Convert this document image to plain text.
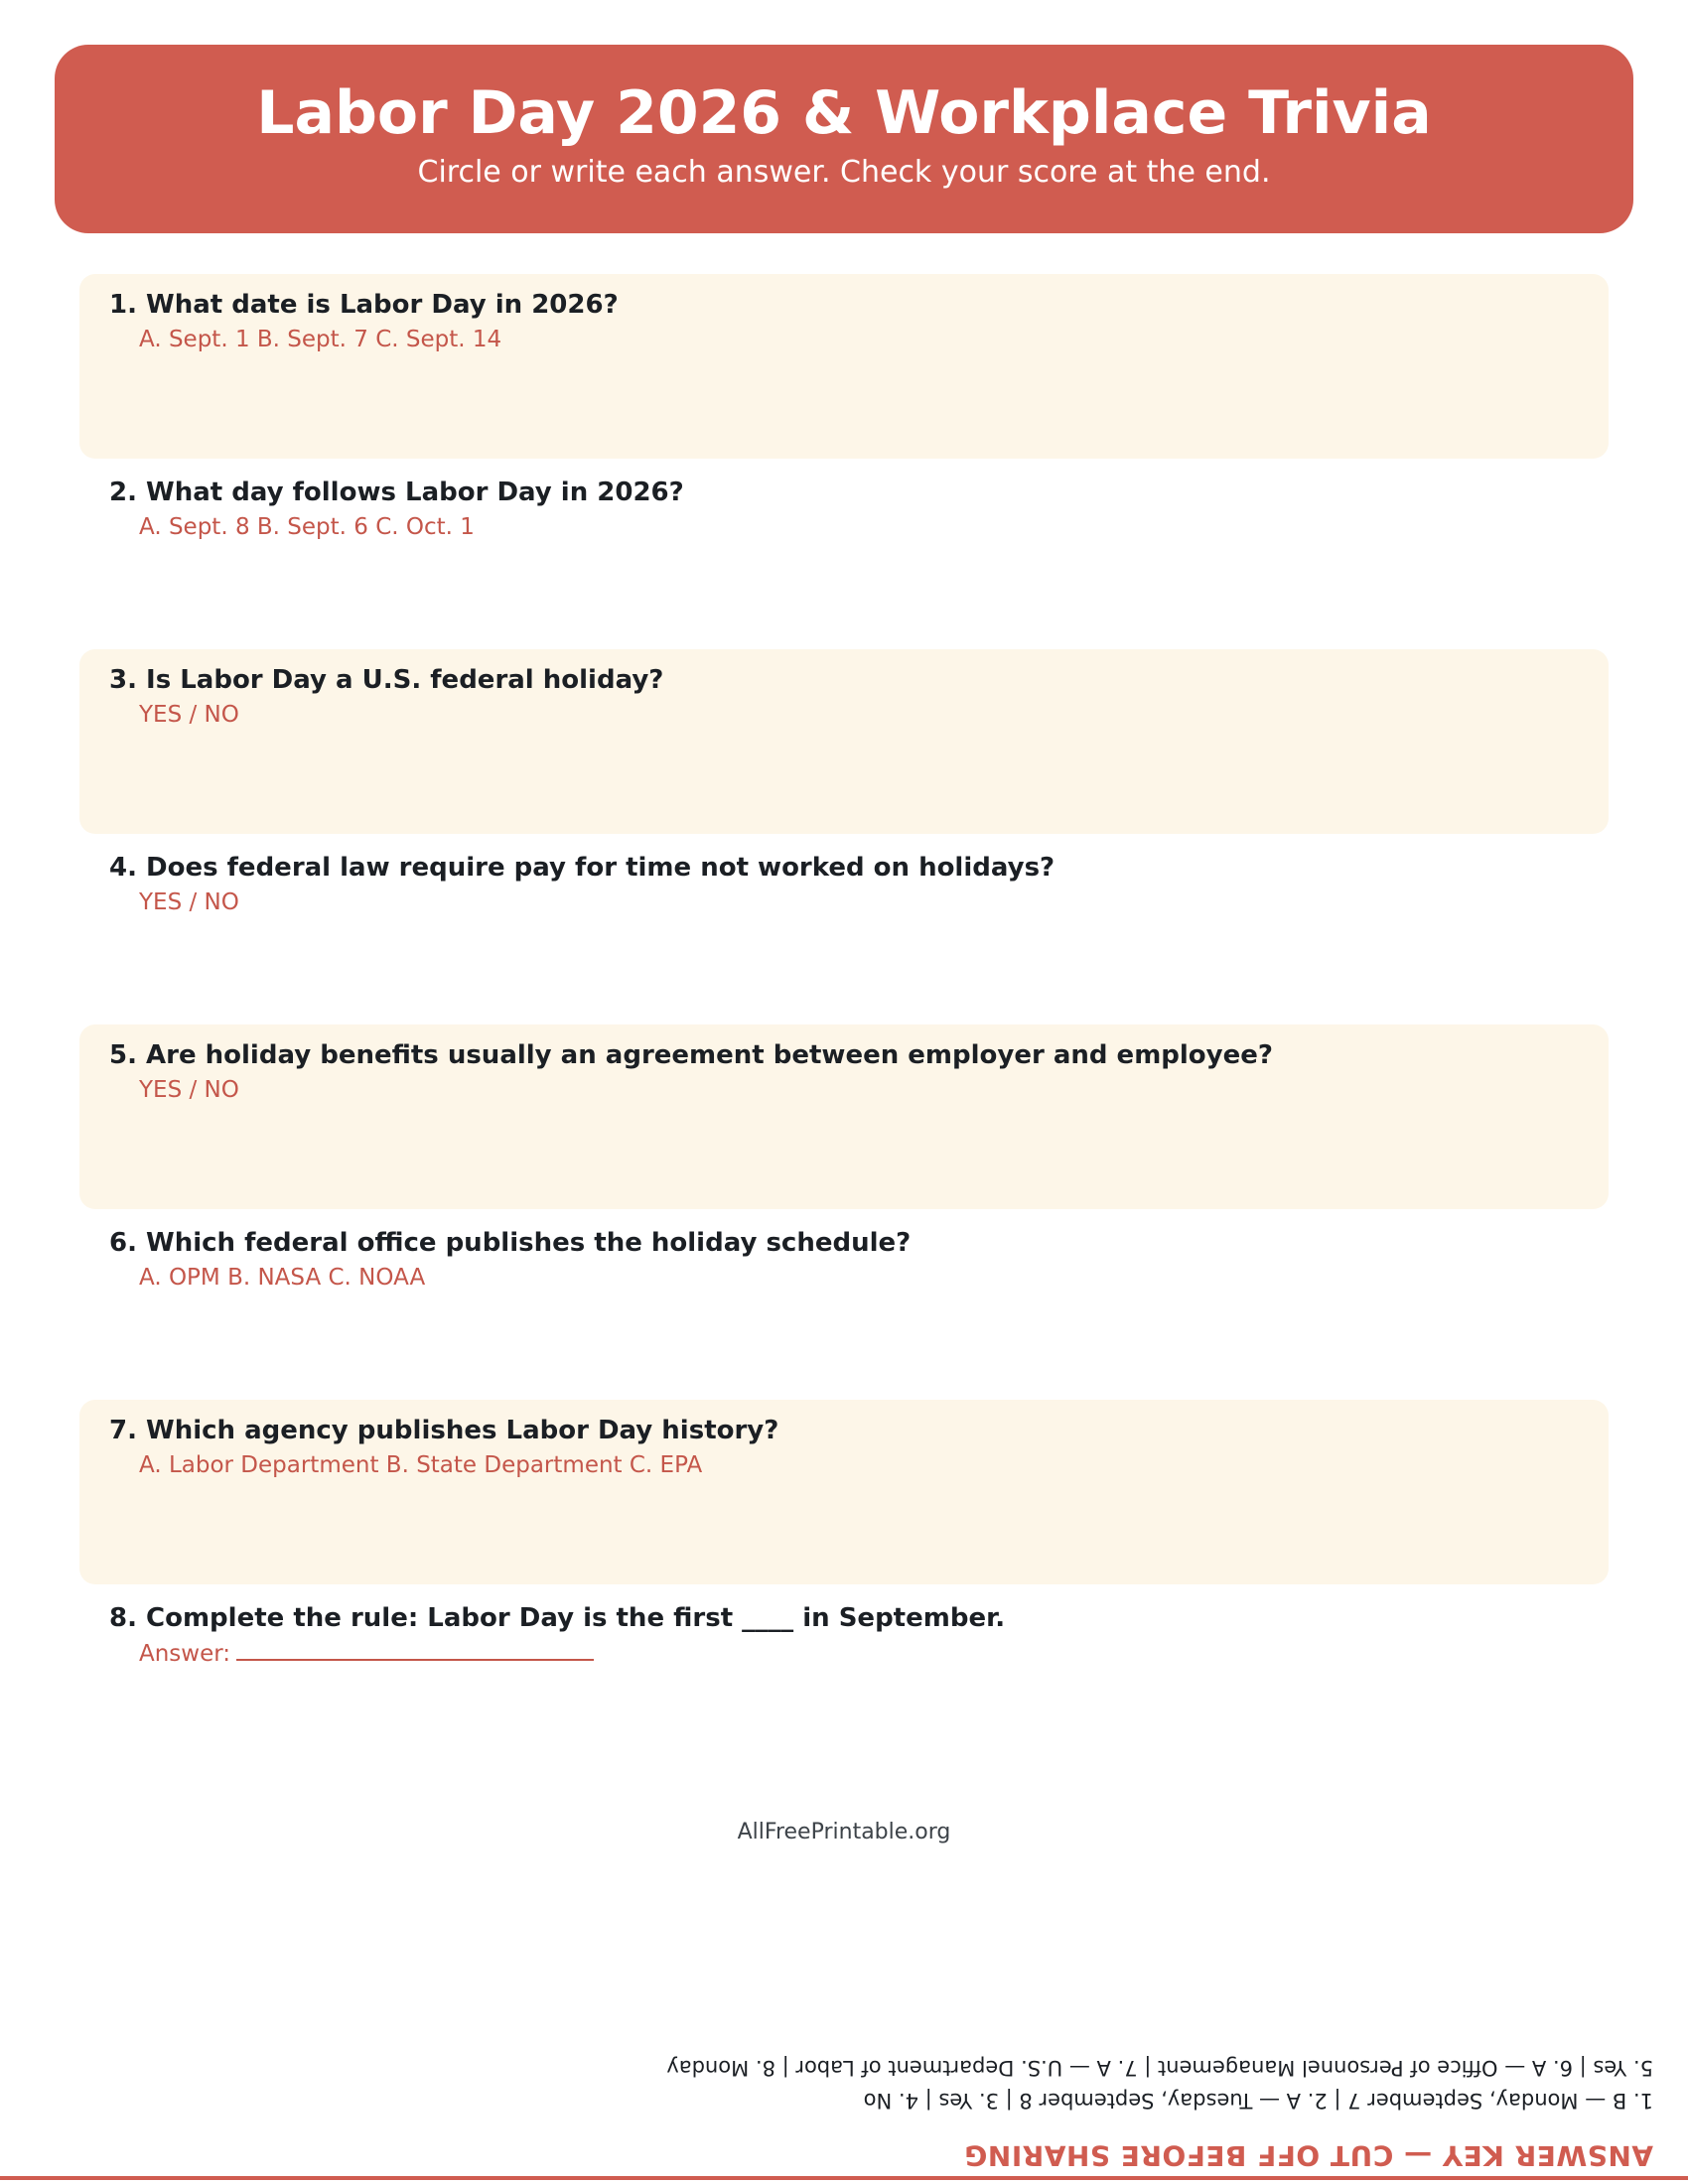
Labor Day 2026 & Workplace Trivia
Circle or write each answer. Check your score at the end.
1. What date is Labor Day in 2026?
A. Sept. 1 B. Sept. 7 C. Sept. 14
2. What day follows Labor Day in 2026?
A. Sept. 8 B. Sept. 6 C. Oct. 1
3. Is Labor Day a U.S. federal holiday?
YES / NO
4. Does federal law require pay for time not worked on holidays?
YES / NO
5. Are holiday benefits usually an agreement between employer and employee?
YES / NO
6. Which federal office publishes the holiday schedule?
A. OPM B. NASA C. NOAA
7. Which agency publishes Labor Day history?
A. Labor Department B. State Department C. EPA
8. Complete the rule: Labor Day is the first ____ in September.
Answer:
AllFreePrintable.org
ANSWER KEY — CUT OFF BEFORE SHARING
1. B — Monday, September 7 | 2. A — Tuesday, September 8 | 3. Yes | 4. No
5. Yes | 6. A — Office of Personnel Management | 7. A — U.S. Department of Labor | 8. Monday
